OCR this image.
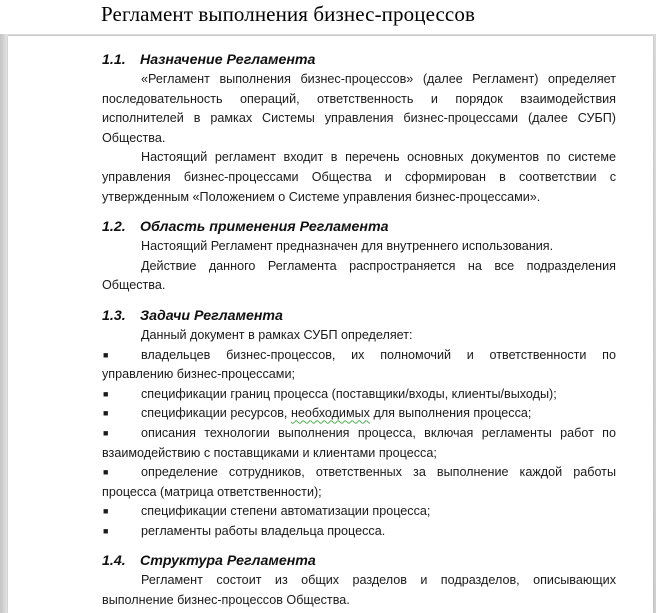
Регламент выполнения бизнес-процессов
1.1.	Назначение Регламента

«Регламент выполнения бизнес-процессов» (далее Регламент) определяет последовательность операций, ответственность и порядок взаимодействия исполнителей в рамках Системы управления бизнес-процессами (далее СУБП) Общества.

Настоящий регламент входит в перечень основных документов по системе управления бизнес-процессами Общества и сформирован в соответствии с утвержденным «Положением о Системе управления бизнес-процессами».

1.2.	Область применения Регламента

Настоящий Регламент предназначен для внутреннего использования.

Действие данного Регламента распространяется на все подразделения Общества.

1.3.	Задачи Регламента

Данный документ в рамках СУБП определяет:

■	владельцев бизнес-процессов, их полномочий и ответственности по управлению бизнес-процессами;

■	спецификации границ процесса (поставщики/входы, клиенты/выходы);

■	спецификации ресурсов, необходимых для выполнения процесса;

■	описания технологии выполнения процесса, включая регламенты работ по взаимодействию с поставщиками и клиентами процесса;

■	определение сотрудников, ответственных за выполнение каждой работы процесса (матрица ответственности);

■	спецификации степени автоматизации процесса;

■	регламенты работы владельца процесса.

1.4.	Структура Регламента

Регламент состоит из общих разделов и подразделов, описывающих выполнение бизнес-процессов Общества.
